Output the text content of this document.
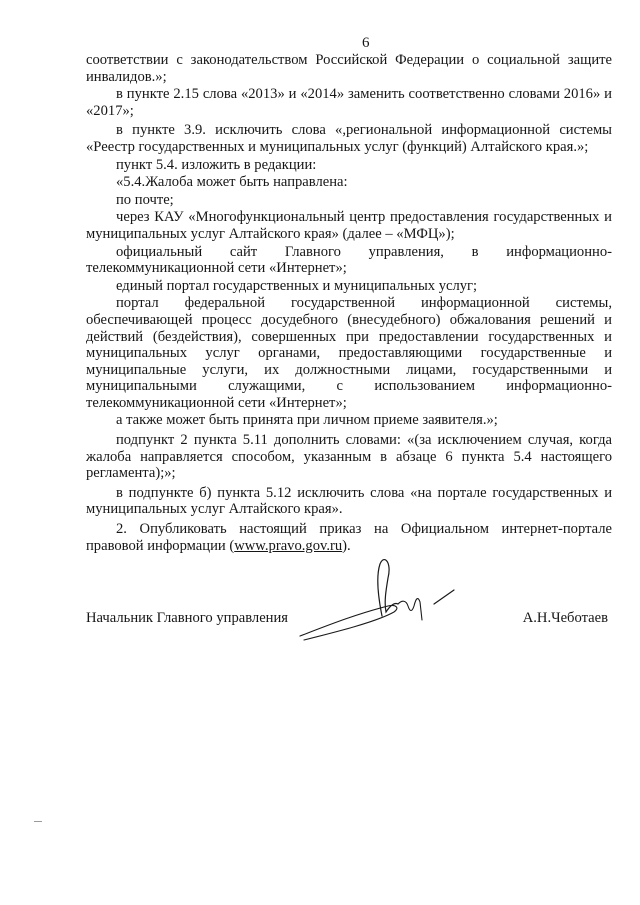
6

соответствии с законодательством Российской Федерации о социальной защите инвалидов.»;

в пункте 2.15 слова «2013» и «2014» заменить соответственно словами 2016» и «2017»;

в пункте 3.9. исключить слова «,региональной информационной системы «Реестр государственных и муниципальных услуг (функций) Алтайского края.»;

пункт 5.4. изложить в редакции:

«5.4.Жалоба может быть направлена:

по почте;

через КАУ «Многофункциональный центр предоставления государственных и муниципальных услуг Алтайского края» (далее – «МФЦ»);

официальный сайт Главного управления, в информационно-телекоммуникационной сети «Интернет»;

единый портал государственных и муниципальных услуг;

портал федеральной государственной информационной системы, обеспечивающей процесс досудебного (внесудебного) обжалования решений и действий (бездействия), совершенных при предоставлении государственных и муниципальных услуг органами, предоставляющими государственные и муниципальные услуги, их должностными лицами, государственными и муниципальными служащими, с использованием информационно-телекоммуникационной сети «Интернет»;

а также может быть принята при личном приеме заявителя.»;

подпункт 2 пункта 5.11 дополнить словами: «(за исключением случая, когда жалоба направляется способом, указанным в абзаце 6 пункта 5.4 настоящего регламента);»;

в подпункте б) пункта 5.12 исключить слова «на портале государственных и муниципальных услуг Алтайского края».

2. Опубликовать настоящий приказ на Официальном интернет-портале правовой информации (www.pravo.gov.ru).

Начальник Главного управления	А.Н.Чеботаев
